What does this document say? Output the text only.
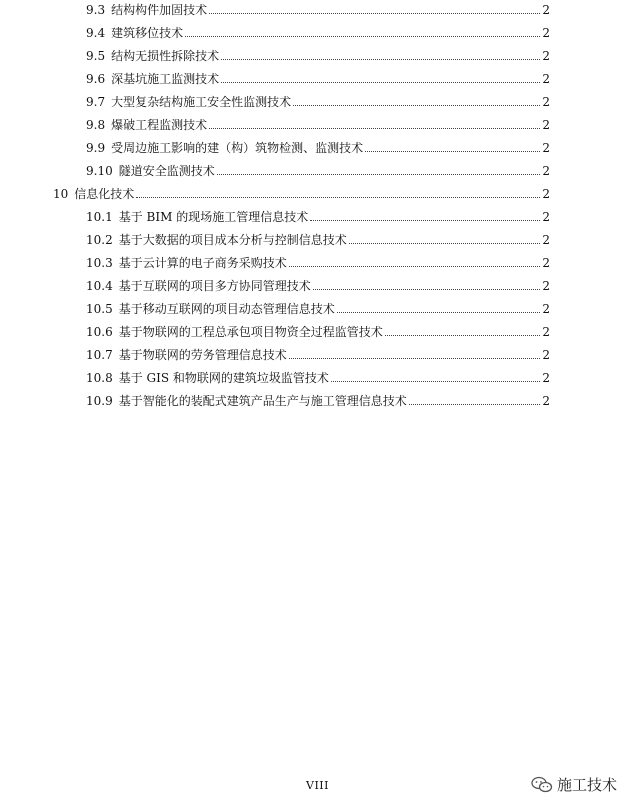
9.3 结构构件加固技术	2
9.4 建筑移位技术	2
9.5 结构无损性拆除技术	2
9.6 深基坑施工监测技术	2
9.7 大型复杂结构施工安全性监测技术	2
9.8 爆破工程监测技术	2
9.9 受周边施工影响的建（构）筑物检测、监测技术	2
9.10 隧道安全监测技术	2
10 信息化技术	2
10.1 基于 BIM 的现场施工管理信息技术	2
10.2 基于大数据的项目成本分析与控制信息技术	2
10.3 基于云计算的电子商务采购技术	2
10.4 基于互联网的项目多方协同管理技术	2
10.5 基于移动互联网的项目动态管理信息技术	2
10.6 基于物联网的工程总承包项目物资全过程监管技术	2
10.7 基于物联网的劳务管理信息技术	2
10.8 基于 GIS 和物联网的建筑垃圾监管技术	2
10.9 基于智能化的装配式建筑产品生产与施工管理信息技术	2
VIII	施工技术
